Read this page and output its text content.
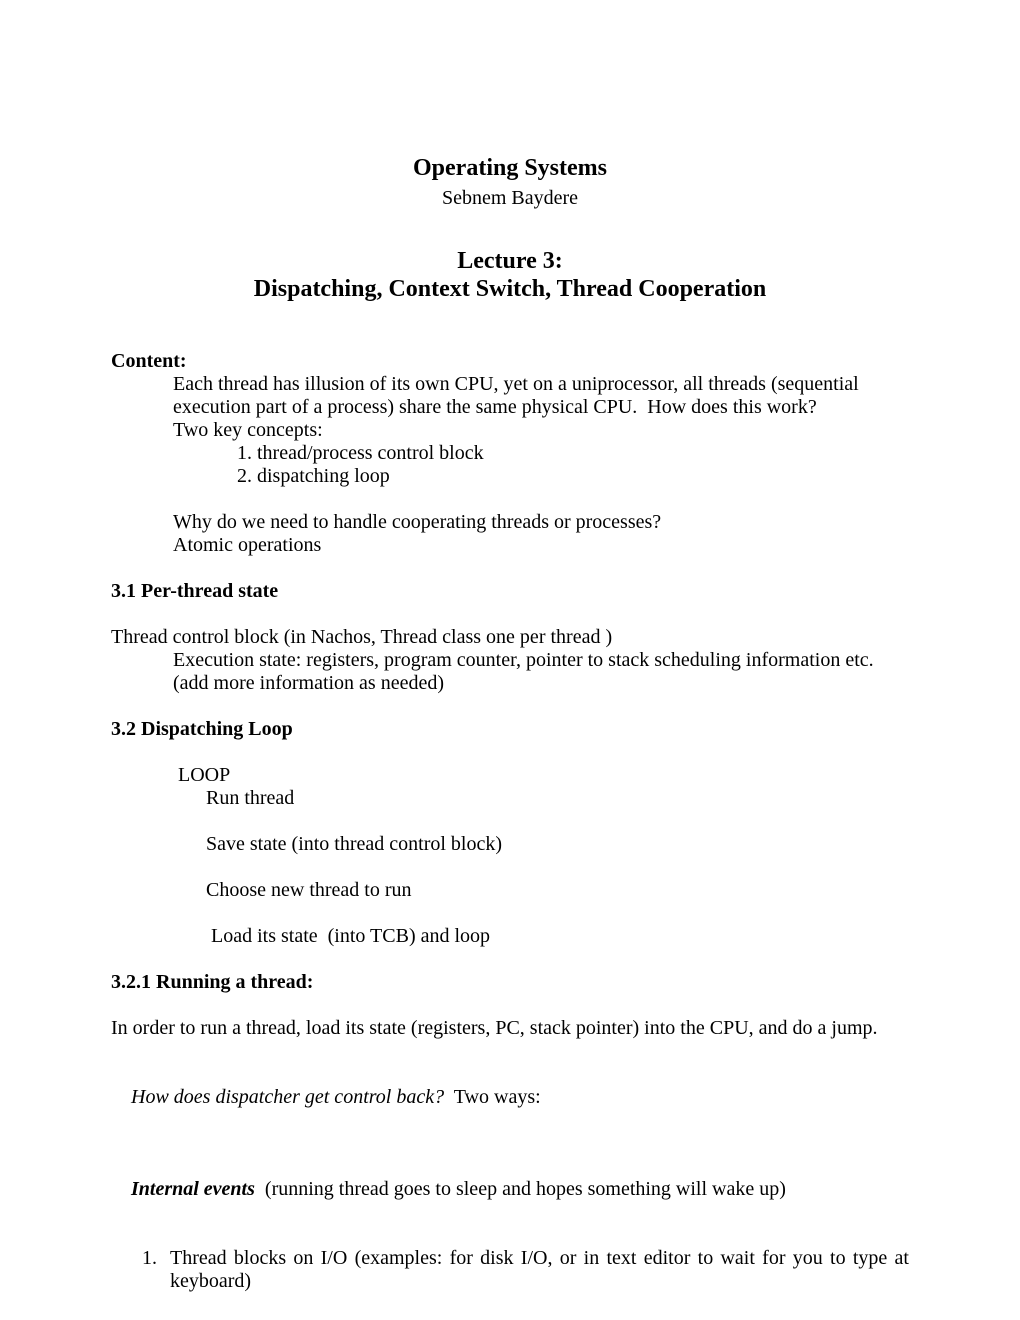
Operating Systems
Sebnem Baydere
Lecture 3:
Dispatching, Context Switch, Thread Cooperation
Content:
Each thread has illusion of its own CPU, yet on a uniprocessor, all threads (sequential
execution part of a process) share the same physical CPU.  How does this work?
Two key concepts:
1. thread/process control block
2. dispatching loop
Why do we need to handle cooperating threads or processes?
Atomic operations
3.1 Per-thread state
Thread control block (in Nachos, Thread class one per thread )
Execution state: registers, program counter, pointer to stack scheduling information etc.
(add more information as needed)
3.2 Dispatching Loop
LOOP
Run thread
Save state (into thread control block)
Choose new thread to run
Load its state  (into TCB) and loop
3.2.1 Running a thread:
In order to run a thread, load its state (registers, PC, stack pointer) into the CPU, and do a jump.

How does dispatcher get control back?  Two ways:

Internal events  (running thread goes to sleep and hopes something will wake up)

1. Thread blocks on I/O (examples: for disk I/O, or in text editor to wait for you to type at
keyboard)
